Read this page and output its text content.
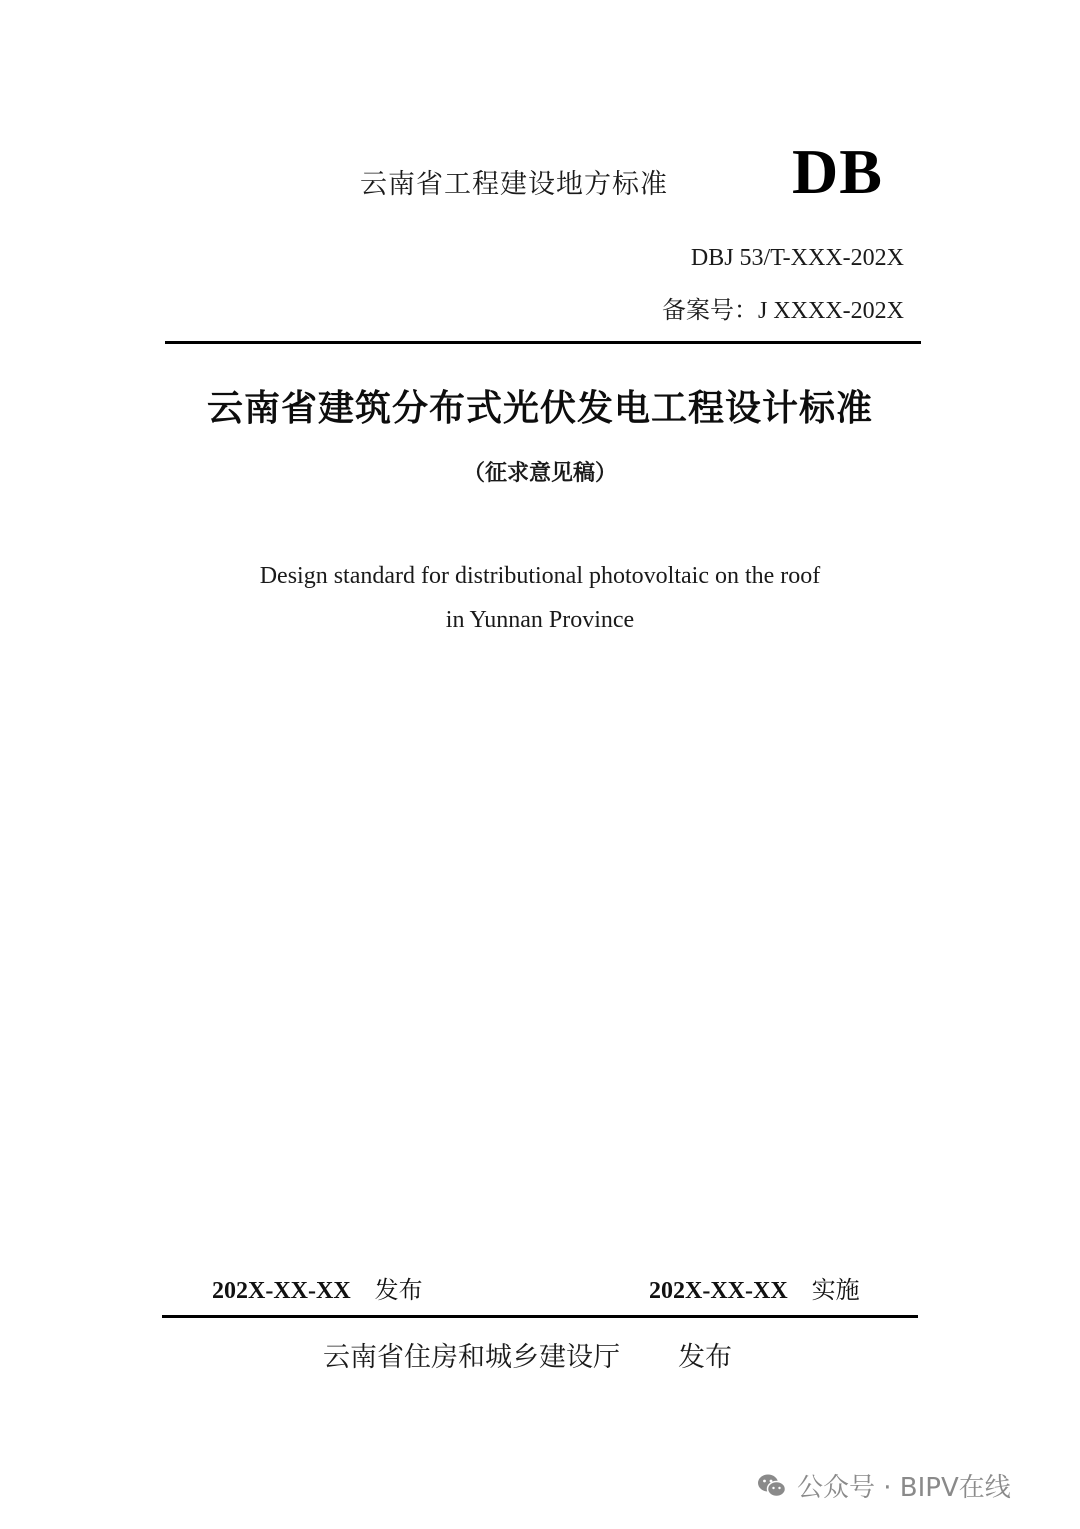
云南省工程建设地方标准 DB
DBJ 53/T-XXX-202X
备案号：J XXXX-202X
云南省建筑分布式光伏发电工程设计标准
（征求意见稿）
Design standard for distributional photovoltaic on the roof
in Yunnan Province
202X-XX-XX 发布	202X-XX-XX 实施
云南省住房和城乡建设厅 发布
公众号 · BIPV在线
